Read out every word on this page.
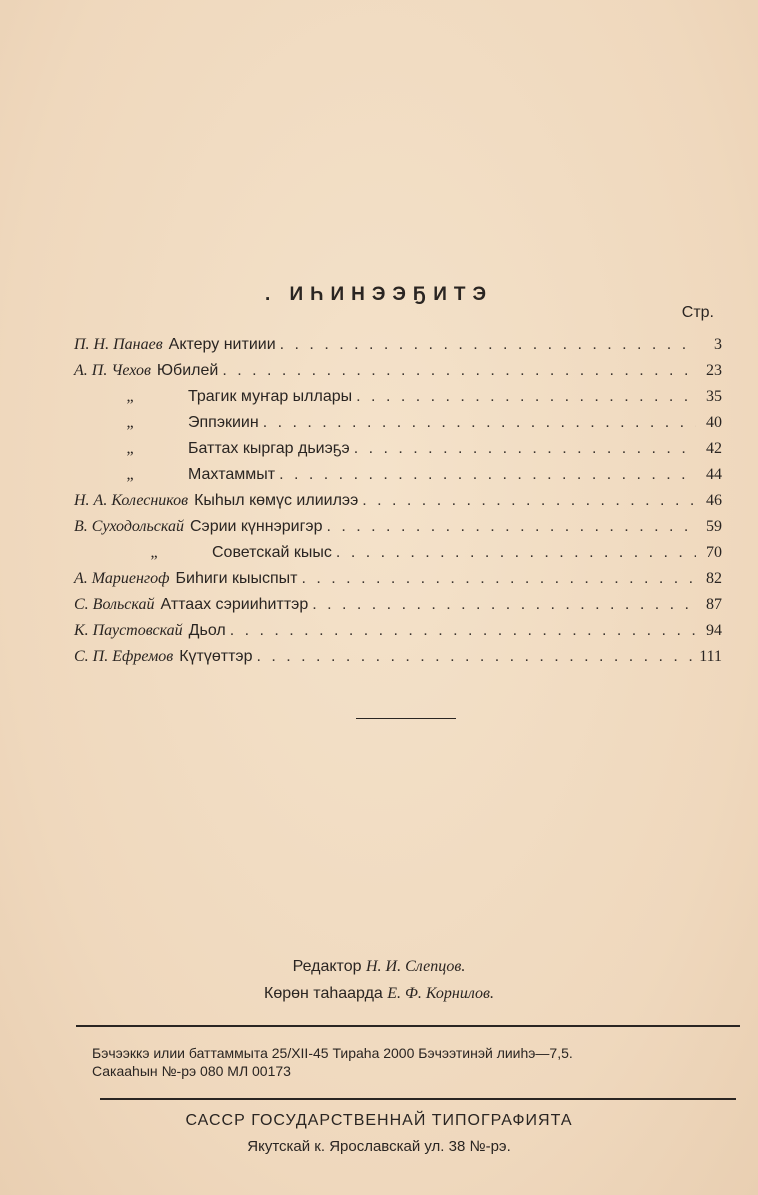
. ИҺИНЭЭҔИТЭ
Стр.
П. Н. Панаев Актеру нитиии . . .	3
А. П. Чехов Юбилей . . .	23
„	Трагик муҥар ыллары . . .	35
„	Эппэкиин . . .	40
„	Баттах кыргар дьиэҕэ . . .	42
„	Махтаммыт . . .	44
Н. А. Колесников Кыһыл көмүс илиилээ . . .	46
В. Суходольскай Сэрии күннэригэр . . .	59
„	Советскай кыыс . . .	70
А. Мариенгоф Биһиги кыыспыт . . .	82
С. Вольскай Аттаах сэрииһиттэр . . .	87
К. Паустовскай Дьол . . .	94
С. П. Ефремов Күтүөттэр . . .	111
Редактор Н. И. Слепцов.
Көрөн таһаарда Е. Ф. Корнилов.
Бэчээккэ илии баттаммыта 25/XII-45 Тираһа 2000 Бэчээтинэй лииһэ—7,5.
Сакааһын №-рэ 080 МЛ 00173
САССР ГОСУДАРСТВЕННАЙ ТИПОГРАФИЯТА
Якутскай к. Ярославскай ул. 38 №-рэ.
